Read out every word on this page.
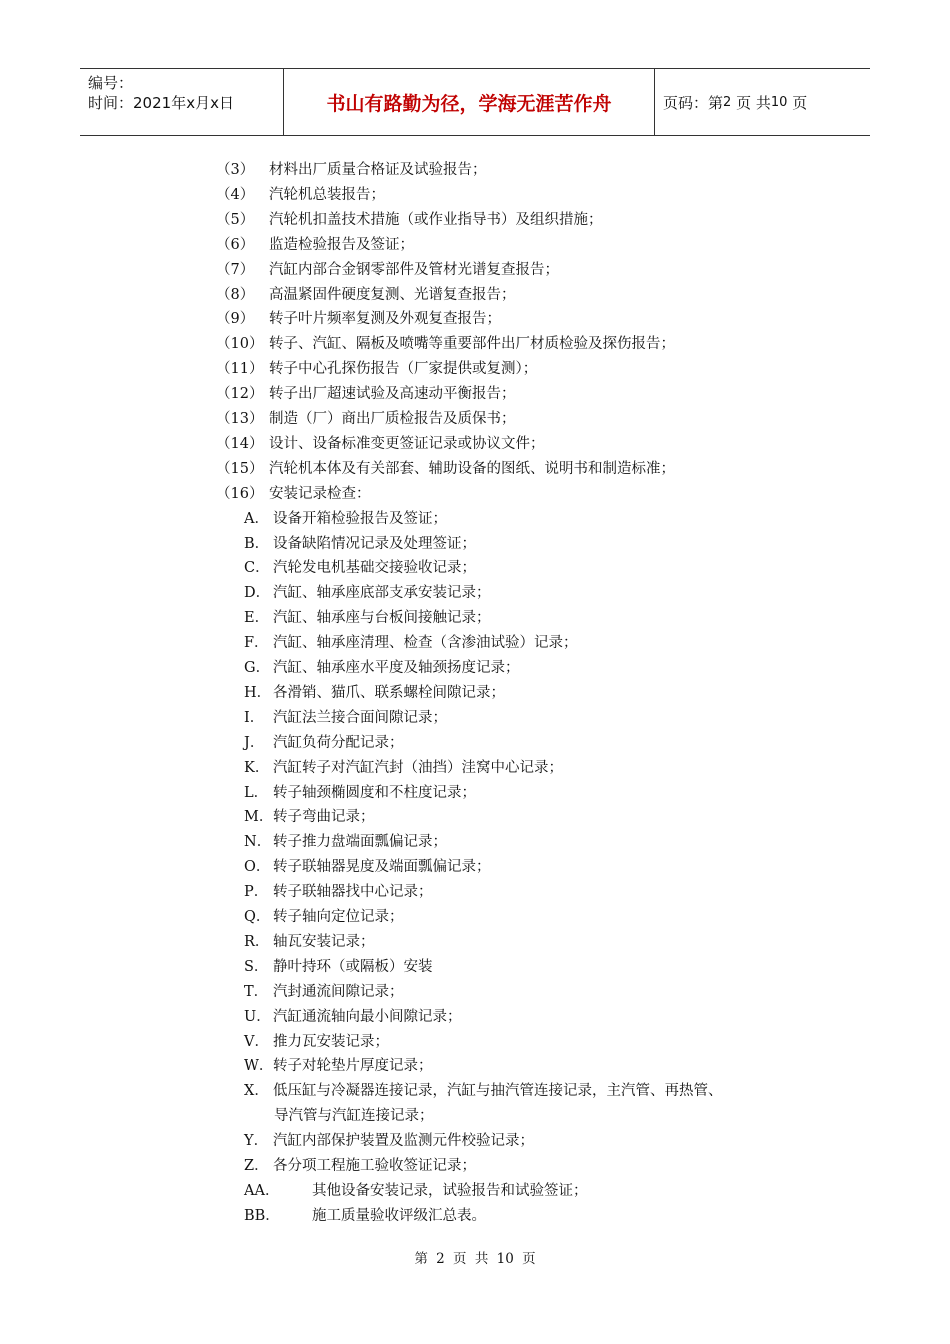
编号：
时间：2021年x月x日	书山有路勤为径，学海无涯苦作舟	页码：第 2
页 共 10
页
（3） 材料出厂质量合格证及试验报告；
（4） 汽轮机总装报告；
（5） 汽轮机扣盖技术措施（或作业指导书）及组织措施；
（6） 监造检验报告及签证；
（7） 汽缸内部合金钢零部件及管材光谱复查报告；
（8） 高温紧固件硬度复测、光谱复查报告；
（9） 转子叶片频率复测及外观复查报告；
（10） 转子、汽缸、隔板及喷嘴等重要部件出厂材质检验及探伤报告；
（11） 转子中心孔探伤报告（厂家提供或复测）；
（12） 转子出厂超速试验及高速动平衡报告；
（13） 制造（厂）商出厂质检报告及质保书；
（14） 设计、设备标准变更签证记录或协议文件；
（15） 汽轮机本体及有关部套、辅助设备的图纸、说明书和制造标准；
（16） 安装记录检查：
A． 设备开箱检验报告及签证；
B． 设备缺陷情况记录及处理签证；
C． 汽轮发电机基础交接验收记录；
D． 汽缸、轴承座底部支承安装记录；
E． 汽缸、轴承座与台板间接触记录；
F． 汽缸、轴承座清理、检查（含渗油试验）记录；
G． 汽缸、轴承座水平度及轴颈扬度记录；
H． 各滑销、猫爪、联系螺栓间隙记录；
I． 汽缸法兰接合面间隙记录；
J． 汽缸负荷分配记录；
K． 汽缸转子对汽缸汽封（油挡）洼窝中心记录；
L． 转子轴颈椭圆度和不柱度记录；
M． 转子弯曲记录；
N． 转子推力盘端面瓢偏记录；
O． 转子联轴器晃度及端面瓢偏记录；
P． 转子联轴器找中心记录；
Q． 转子轴向定位记录；
R． 轴瓦安装记录；
S． 静叶持环（或隔板）安装
T． 汽封通流间隙记录；
U． 汽缸通流轴向最小间隙记录；
V． 推力瓦安装记录；
W． 转子对轮垫片厚度记录；
X． 低压缸与冷凝器连接记录，汽缸与抽汽管连接记录，主汽管、再热管、
导汽管与汽缸连接记录；
Y． 汽缸内部保护装置及监测元件校验记录；
Z． 各分项工程施工验收签证记录；
AA． 其他设备安装记录，试验报告和试验签证；
BB． 施工质量验收评级汇总表。
第 2 页 共 10 页
